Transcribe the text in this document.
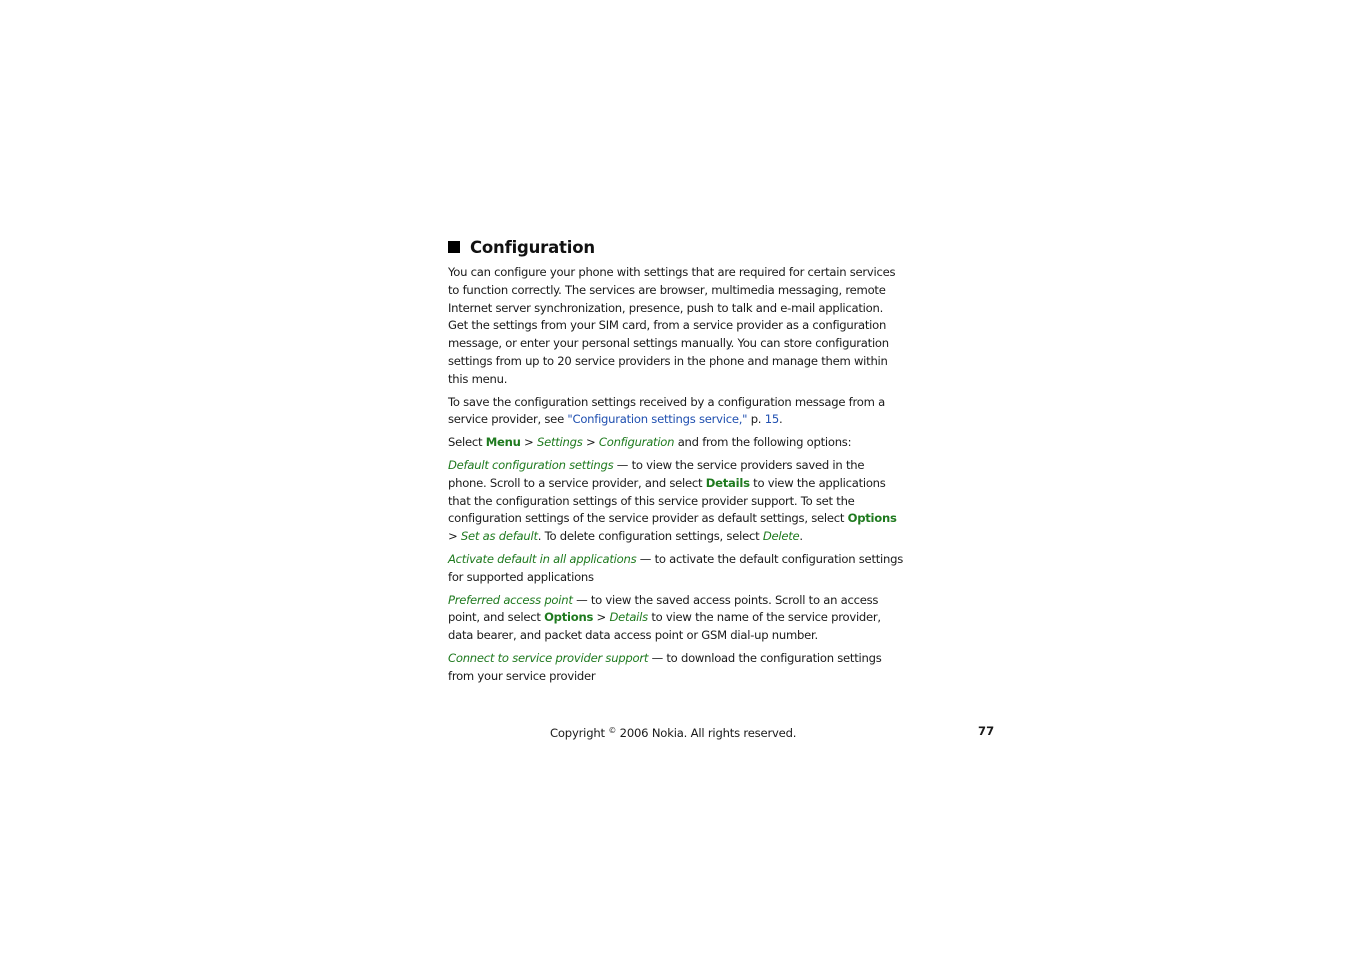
Configuration

You can configure your phone with settings that are required for certain services to function correctly. The services are browser, multimedia messaging, remote Internet server synchronization, presence, push to talk and e-mail application. Get the settings from your SIM card, from a service provider as a configuration message, or enter your personal settings manually. You can store configuration settings from up to 20 service providers in the phone and manage them within this menu.

To save the configuration settings received by a configuration message from a service provider, see "Configuration settings service," p. 15.

Select Menu > Settings > Configuration and from the following options:

Default configuration settings — to view the service providers saved in the phone. Scroll to a service provider, and select Details to view the applications that the configuration settings of this service provider support. To set the configuration settings of the service provider as default settings, select Options > Set as default. To delete configuration settings, select Delete.

Activate default in all applications — to activate the default configuration settings for supported applications

Preferred access point — to view the saved access points. Scroll to an access point, and select Options > Details to view the name of the service provider, data bearer, and packet data access point or GSM dial-up number.

Connect to service provider support — to download the configuration settings from your service provider

Copyright © 2006 Nokia. All rights reserved.	77
